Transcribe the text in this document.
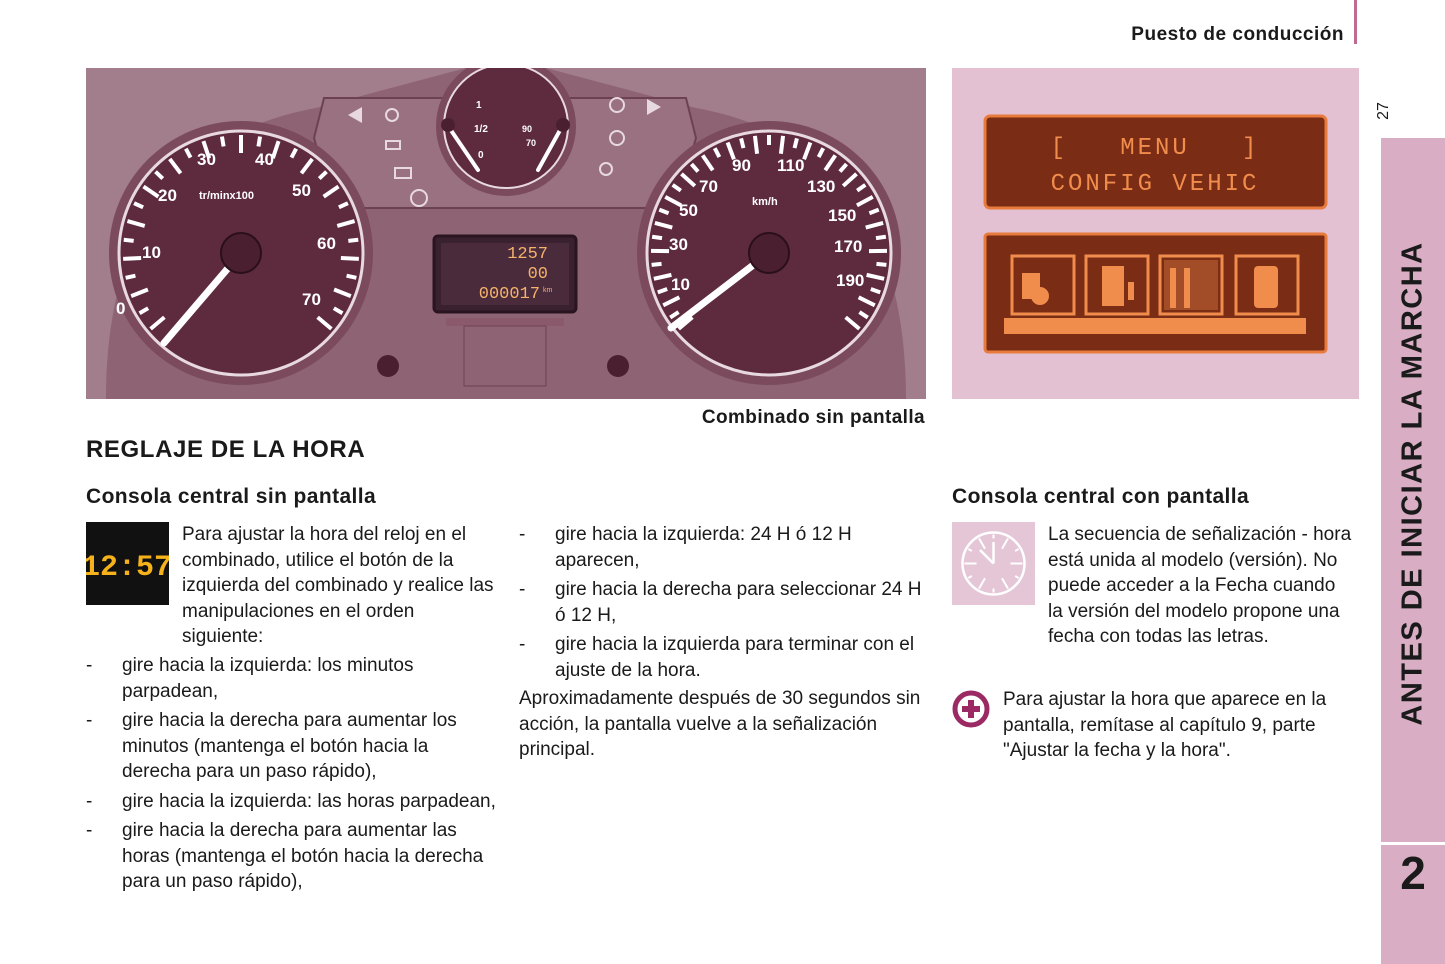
Puesto de conducción
27
ANTES DE INICIAR LA MARCHA
2
0
10
20
30 40
50
60
70
tr/minx100
10
30
50
70
90 110
130
150
170
190
km/h
1
1/2
0
90
70
1257
00
000017 km
Combinado sin pantalla
[   MENU   ]
CONFIG VEHIC
REGLAJE DE LA HORA
Consola central sin pantalla
12:57
Para ajustar la hora del reloj en el combinado, utilice el botón de la izquierda del combinado y realice las manipulaciones en el orden siguiente:
- gire hacia la izquierda: los minutos parpadean,
- gire hacia la derecha para aumentar los minutos (mantenga el botón hacia la derecha para un paso rápido),
- gire hacia la izquierda: las horas parpadean,
- gire hacia la derecha para aumentar las horas (mantenga el botón hacia la derecha para un paso rápido),
- gire hacia la izquierda: 24 H ó 12 H aparecen,
- gire hacia la derecha para seleccionar 24 H ó 12 H,
- gire hacia la izquierda para terminar con el ajuste de la hora.
Aproximadamente después de 30 segundos sin acción, la pantalla vuelve a la señalización principal.
Consola central con pantalla
La secuencia de señalización - hora está unida al modelo (versión). No puede acceder a la Fecha cuando la versión del modelo propone una fecha con todas las letras.
Para ajustar la hora que aparece en la pantalla, remítase al capítulo 9, parte "Ajustar la fecha y la hora".
